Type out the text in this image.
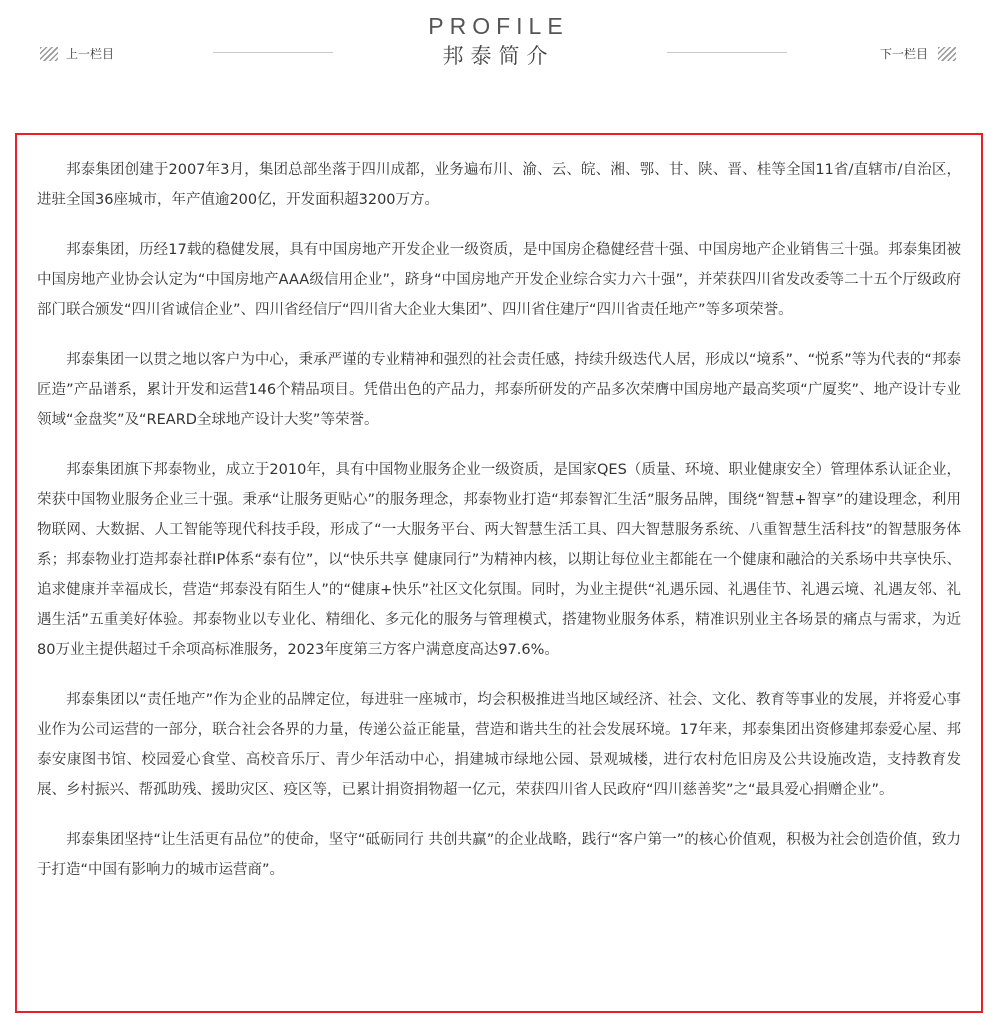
上一栏目
PROFILE
邦泰简介	下一栏目

邦泰集团创建于2007年3月，集团总部坐落于四川成都，业务遍布川、渝、云、皖、湘、鄂、甘、陕、晋、桂等全国11省/直辖市/自治区，进驻全国36座城市，年产值逾200亿，开发面积超3200万方。

邦泰集团，历经17载的稳健发展，具有中国房地产开发企业一级资质，是中国房企稳健经营十强、中国房地产企业销售三十强。邦泰集团被中国房地产业协会认定为“中国房地产AAA级信用企业”，跻身“中国房地产开发企业综合实力六十强”，并荣获四川省发改委等二十五个厅级政府部门联合颁发“四川省诚信企业”、四川省经信厅“四川省大企业大集团”、四川省住建厅“四川省责任地产”等多项荣誉。

邦泰集团一以贯之地以客户为中心，秉承严谨的专业精神和强烈的社会责任感，持续升级迭代人居，形成以“境系”、“悦系”等为代表的“邦泰匠造”产品谱系，累计开发和运营146个精品项目。凭借出色的产品力，邦泰所研发的产品多次荣膺中国房地产最高奖项“广厦奖”、地产设计专业领域“金盘奖”及“REARD全球地产设计大奖”等荣誉。

邦泰集团旗下邦泰物业，成立于2010年，具有中国物业服务企业一级资质，是国家QES（质量、环境、职业健康安全）管理体系认证企业，荣获中国物业服务企业三十强。秉承“让服务更贴心”的服务理念，邦泰物业打造“邦泰智汇生活”服务品牌，围绕“智慧+智享”的建设理念，利用物联网、大数据、人工智能等现代科技手段，形成了“一大服务平台、两大智慧生活工具、四大智慧服务系统、八重智慧生活科技”的智慧服务体系；邦泰物业打造邦泰社群IP体系“泰有位”，以“快乐共享 健康同行”为精神内核，以期让每位业主都能在一个健康和融洽的关系场中共享快乐、追求健康并幸福成长，营造“邦泰没有陌生人”的“健康+快乐”社区文化氛围。同时，为业主提供“礼遇乐园、礼遇佳节、礼遇云境、礼遇友邻、礼遇生活”五重美好体验。邦泰物业以专业化、精细化、多元化的服务与管理模式，搭建物业服务体系，精准识别业主各场景的痛点与需求，为近80万业主提供超过千余项高标准服务，2023年度第三方客户满意度高达97.6%。

邦泰集团以“责任地产”作为企业的品牌定位，每进驻一座城市，均会积极推进当地区域经济、社会、文化、教育等事业的发展，并将爱心事业作为公司运营的一部分，联合社会各界的力量，传递公益正能量，营造和谐共生的社会发展环境。17年来，邦泰集团出资修建邦泰爱心屋、邦泰安康图书馆、校园爱心食堂、高校音乐厅、青少年活动中心，捐建城市绿地公园、景观城楼，进行农村危旧房及公共设施改造，支持教育发展、乡村振兴、帮孤助残、援助灾区、疫区等，已累计捐资捐物超一亿元，荣获四川省人民政府“四川慈善奖”之“最具爱心捐赠企业”。

邦泰集团坚持“让生活更有品位”的使命，坚守“砥砺同行 共创共赢”的企业战略，践行“客户第一”的核心价值观，积极为社会创造价值，致力于打造“中国有影响力的城市运营商”。
